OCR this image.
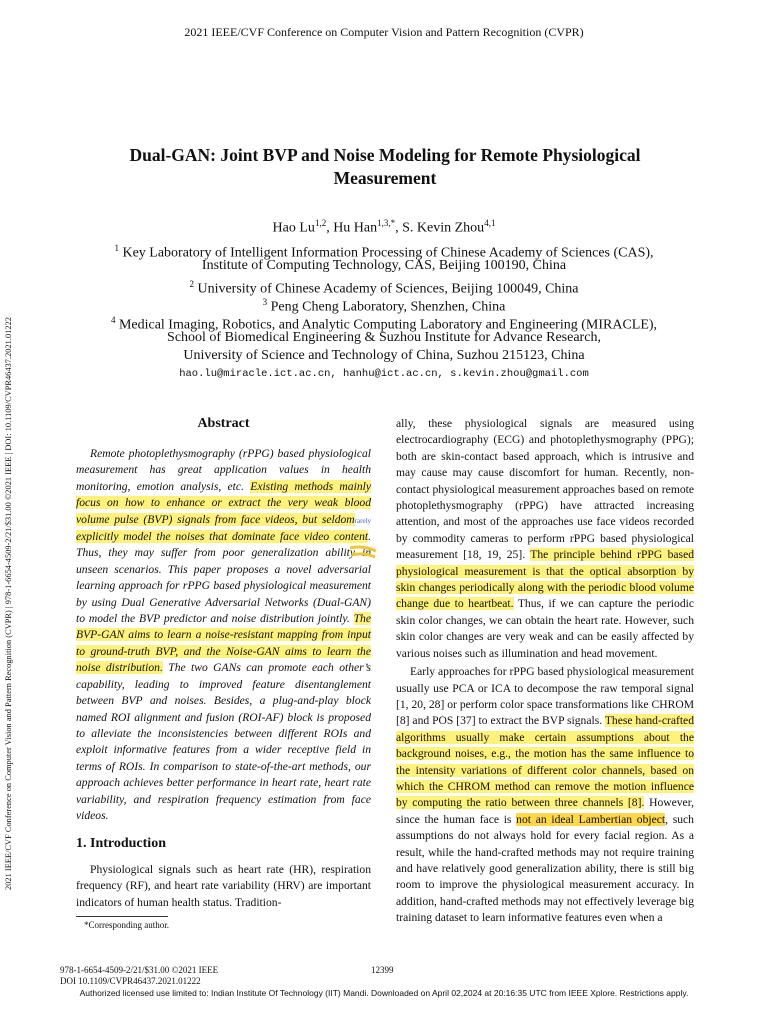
2021 IEEE/CVF Conference on Computer Vision and Pattern Recognition (CVPR)
2021 IEEE/CVF Conference on Computer Vision and Pattern Recognition (CVPR) | 978-1-6654-4509-2/21/$31.00 ©2021 IEEE | DOI: 10.1109/CVPR46437.2021.01222
Dual-GAN: Joint BVP and Noise Modeling for Remote Physiological
Measurement
Hao Lu$^{1,2}$, Hu Han$^{1,3,*}$, S. Kevin Zhou$^{4,1}$
$^1$ Key Laboratory of Intelligent Information Processing of Chinese Academy of Sciences (CAS),
Institute of Computing Technology, CAS, Beijing 100190, China
$^2$ University of Chinese Academy of Sciences, Beijing 100049, China
$^3$ Peng Cheng Laboratory, Shenzhen, China
$^4$ Medical Imaging, Robotics, and Analytic Computing Laboratory and Engineering (MIRACLE),
School of Biomedical Engineering & Suzhou Institute for Advance Research,
University of Science and Technology of China, Suzhou 215123, China
hao.lu@miracle.ict.ac.cn, hanhu@ict.ac.cn, s.kevin.zhou@gmail.com
Abstract

Remote photoplethysmography (rPPG) based physiological measurement has great application values in health monitoring, emotion analysis, etc. Existing methods mainly focus on how to enhance or extract the very weak blood volume pulse (BVP) signals from face videos, but seldomrarely explicitly model the noises that dominate face video content. Thus, they may suffer from poor generalization ability in unseen scenarios. This paper proposes a novel adversarial learning approach for rPPG based physiological measurement by using Dual Generative Adversarial Networks (Dual-GAN) to model the BVP predictor and noise distribution jointly. The BVP-GAN aims to learn a noise-resistant mapping from input to ground-truth BVP, and the Noise-GAN aims to learn the noise distribution. The two GANs can promote each other’s capability, leading to improved feature disentanglement between BVP and noises. Besides, a plug-and-play block named ROI alignment and fusion (ROI-AF) block is proposed to alleviate the inconsistencies between different ROIs and exploit informative features from a wider receptive field in terms of ROIs. In comparison to state-of-the-art methods, our approach achieves better performance in heart rate, heart rate variability, and respiration frequency estimation from face videos.

1. Introduction

Physiological signals such as heart rate (HR), respiration frequency (RF), and heart rate variability (HRV) are important indicators of human health status. Tradition-

*Corresponding author.

ally, these physiological signals are measured using electrocardiography (ECG) and photoplethysmography (PPG); both are skin-contact based approach, which is intrusive and may cause may cause discomfort for human. Recently, non-contact physiological measurement approaches based on remote photoplethysmography (rPPG) have attracted increasing attention, and most of the approaches use face videos recorded by commodity cameras to perform rPPG based physiological measurement [18, 19, 25]. The principle behind rPPG based physiological measurement is that the optical absorption by skin changes periodically along with the periodic blood volume change due to heartbeat. Thus, if we can capture the periodic skin color changes, we can obtain the heart rate. However, such skin color changes are very weak and can be easily affected by various noises such as illumination and head movement.

Early approaches for rPPG based physiological measurement usually use PCA or ICA to decompose the raw temporal signal [1, 20, 28] or perform color space transformations like CHROM [8] and POS [37] to extract the BVP signals. These hand-crafted algorithms usually make certain assumptions about the background noises, e.g., the motion has the same influence to the intensity variations of different color channels, based on which the CHROM method can remove the motion influence by computing the ratio between three channels [8]. However, since the human face is not an ideal Lambertian object, such assumptions do not always hold for every facial region. As a result, while the hand-crafted methods may not require training and have relatively good generalization ability, there is still big room to improve the physiological measurement accuracy. In addition, hand-crafted methods may not effectively leverage big training dataset to learn informative features even when a

978-1-6654-4509-2/21/$31.00 ©2021 IEEE
DOI 10.1109/CVPR46437.2021.01222
12399
Authorized licensed use limited to: Indian Institute Of Technology (IIT) Mandi. Downloaded on April 02,2024 at 20:16:35 UTC from IEEE Xplore. Restrictions apply.
